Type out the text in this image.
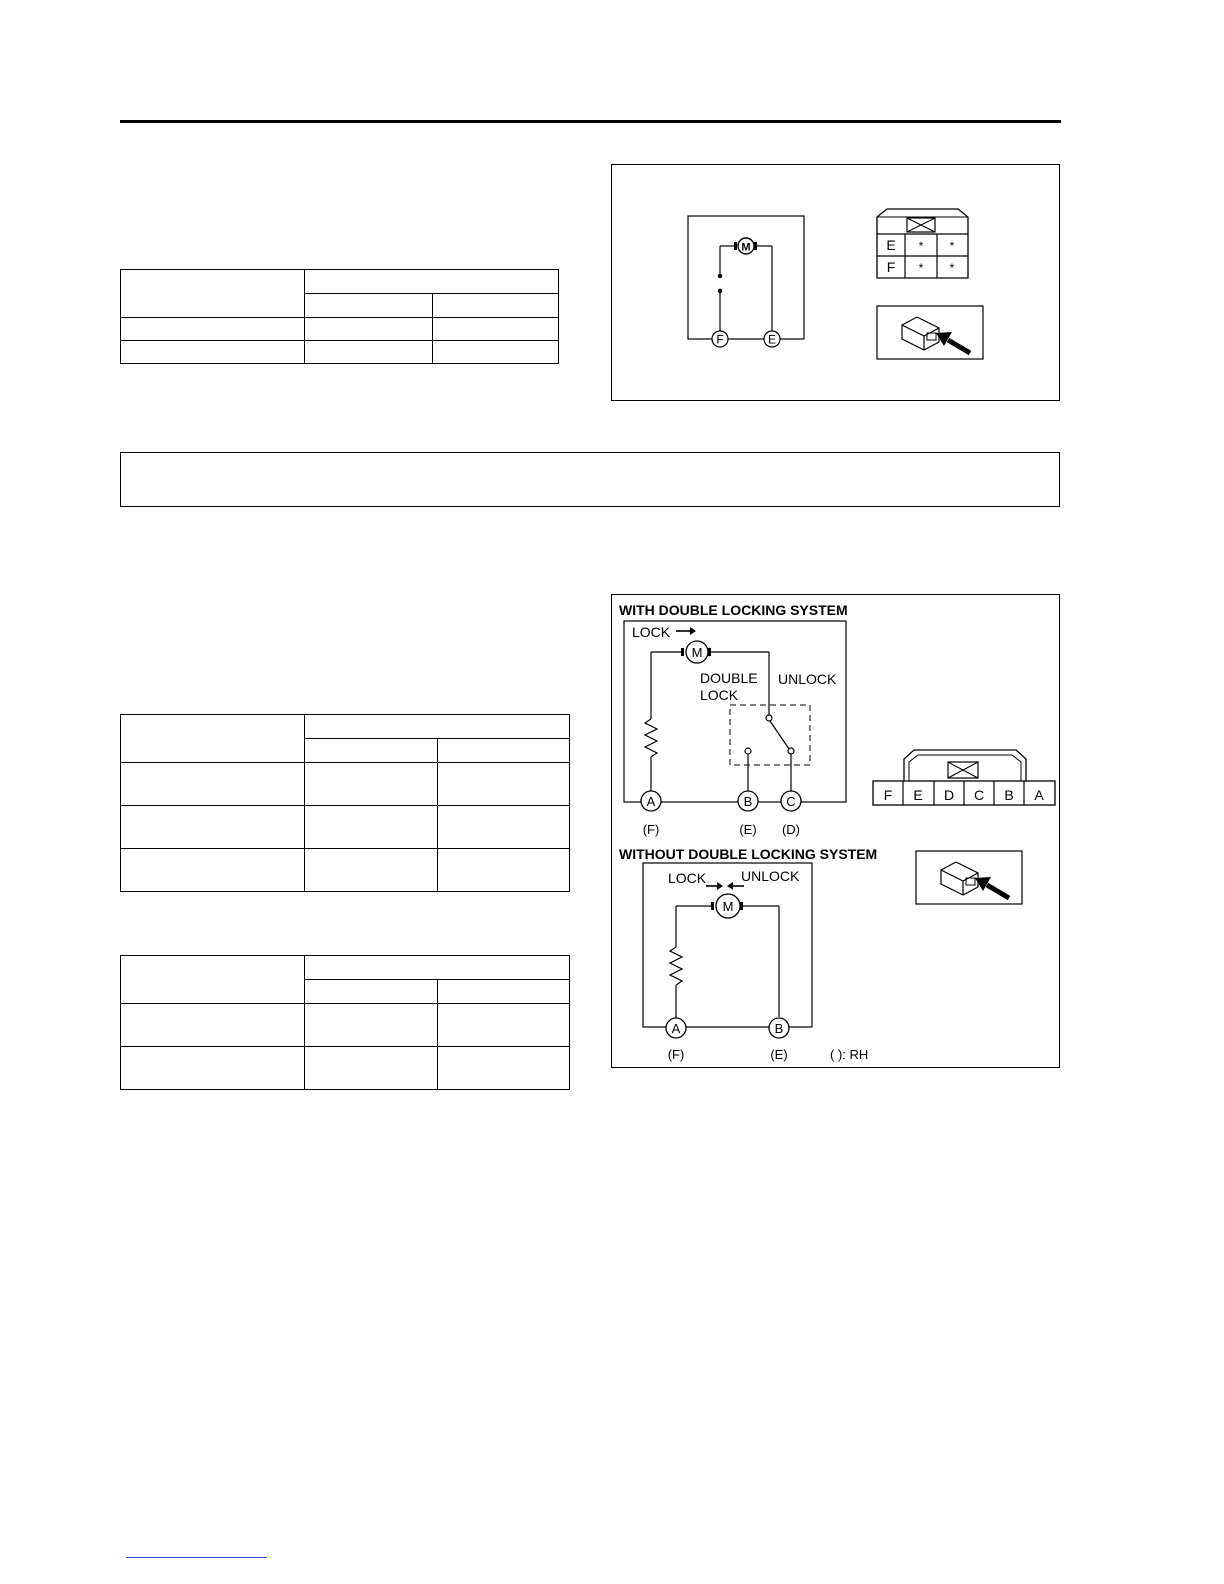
M
F	E
E * *
F * *

WITH DOUBLE LOCKING SYSTEM
LOCK
M
DOUBLE
LOCK
UNLOCK
A	B	C
(F)	(E) (D)
F E D C B A
WITHOUT DOUBLE LOCKING SYSTEM
LOCK UNLOCK
M
A	B
(F)	(E)	( ): RH
